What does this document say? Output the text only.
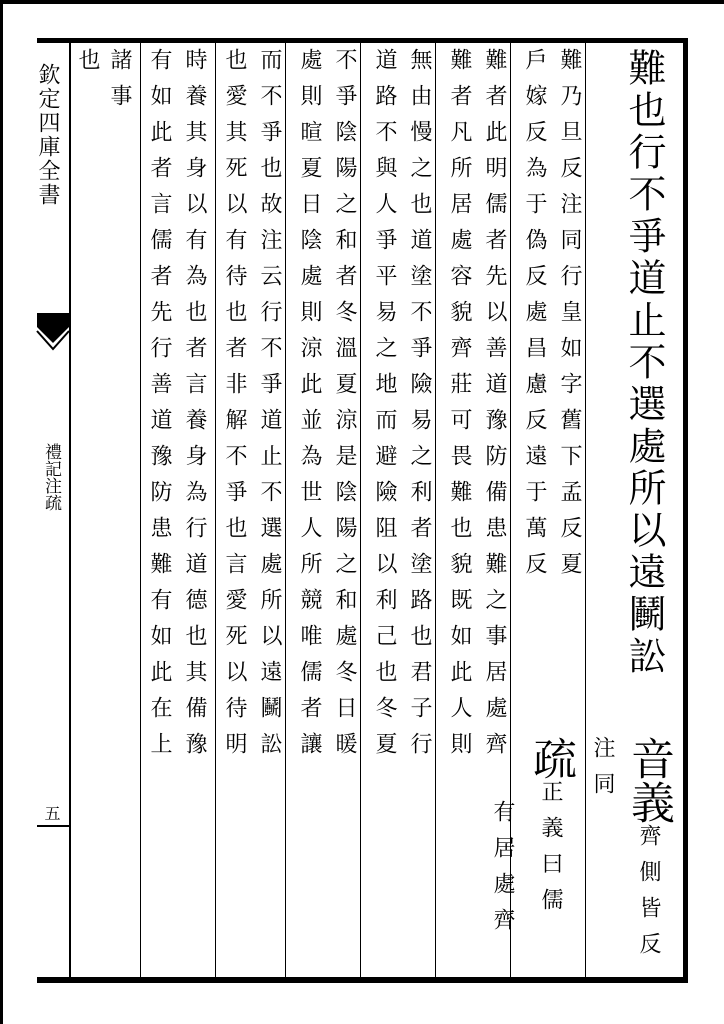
欽定四庫全書
禮記注疏
五
難也行不爭道止不選處所以遠鬭訟
音義齊側皆反注同
難乃旦反注同行皇如字舊下孟反夏
戶嫁反為于偽反處昌慮反遠于萬反
疏正義曰儒
有居處齊
難者此明儒者先以善道豫防備患難之事居處齊
難者凡所居處容貌齊莊可畏難也貌既如此人則
無由慢之也道塗不爭險易之利者塗路也君子行
道路不與人爭平易之地而避險阻以利己也冬夏
不爭陰陽之和者冬溫夏涼是陰陽之和處冬日暖
處則暄夏日陰處則涼此並為世人所競唯儒者讓
而不爭也故注云行不爭道止不選處所以遠鬭訟
也愛其死以有待也者非解不爭也言愛死以待明
時養其身以有為也者言養身為行道德也其備豫
有如此者言儒者先行善道豫防患難有如此在上
諸事
也
